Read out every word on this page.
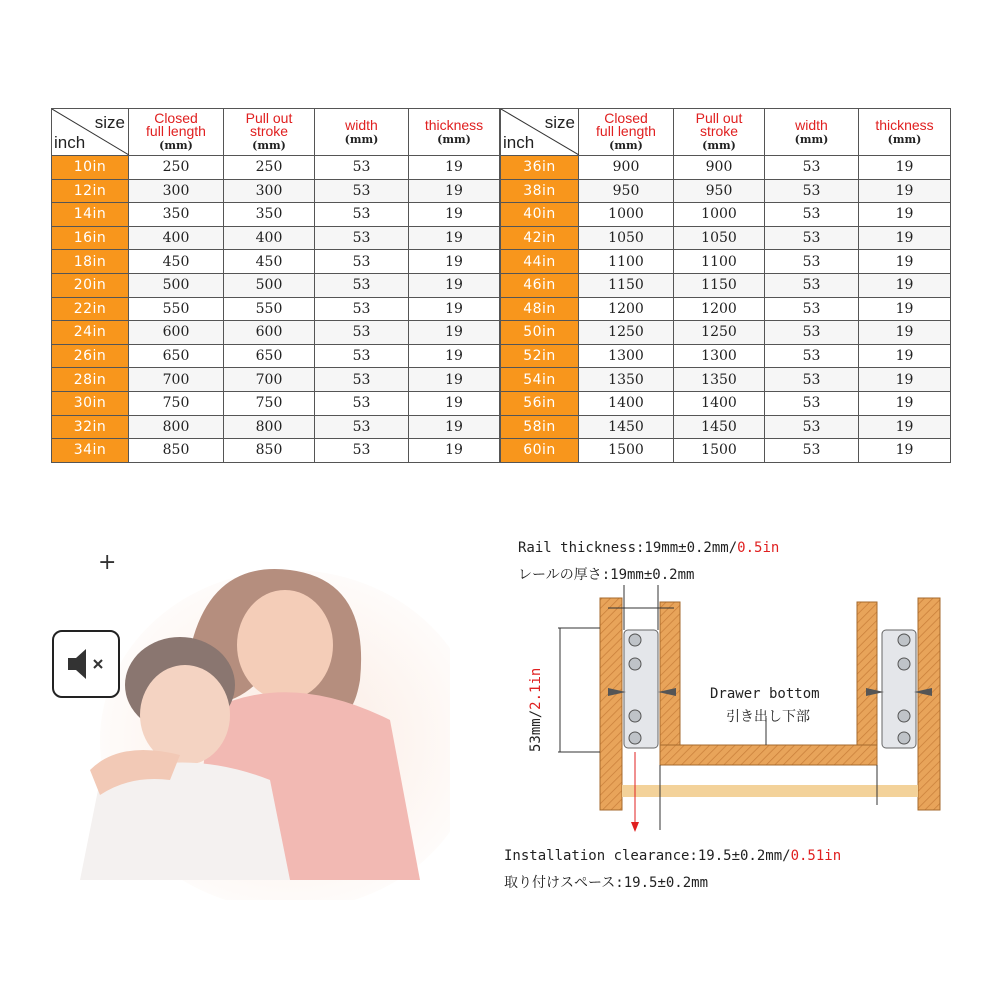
size
inch	Closed
full length
(mm)	Pull out
stroke
(mm)	width
(mm)	thickness
(mm)

10in	250	250	53	19
12in	300	300	53	19
14in	350	350	53	19
16in	400	400	53	19
18in	450	450	53	19
20in	500	500	53	19
22in	550	550	53	19
24in	600	600	53	19
26in	650	650	53	19
28in	700	700	53	19
30in	750	750	53	19
32in	800	800	53	19
34in	850	850	53	19
size
inch	Closed
full length
(mm)	Pull out
stroke
(mm)	width
(mm)	thickness
(mm)

36in	900	900	53	19
38in	950	950	53	19
40in	1000	1000	53	19
42in	1050	1050	53	19
44in	1100	1100	53	19
46in	1150	1150	53	19
48in	1200	1200	53	19
50in	1250	1250	53	19
52in	1300	1300	53	19
54in	1350	1350	53	19
56in	1400	1400	53	19
58in	1450	1450	53	19
60in	1500	1500	53	19
+
Rail thickness:19mm±0.2mm/0.5in
レールの厚さ:19mm±0.2mm
53mm/2.1in	Drawer bottom
引き出し下部
Installation clearance:19.5±0.2mm/0.51in
取り付けスペース:19.5±0.2mm
